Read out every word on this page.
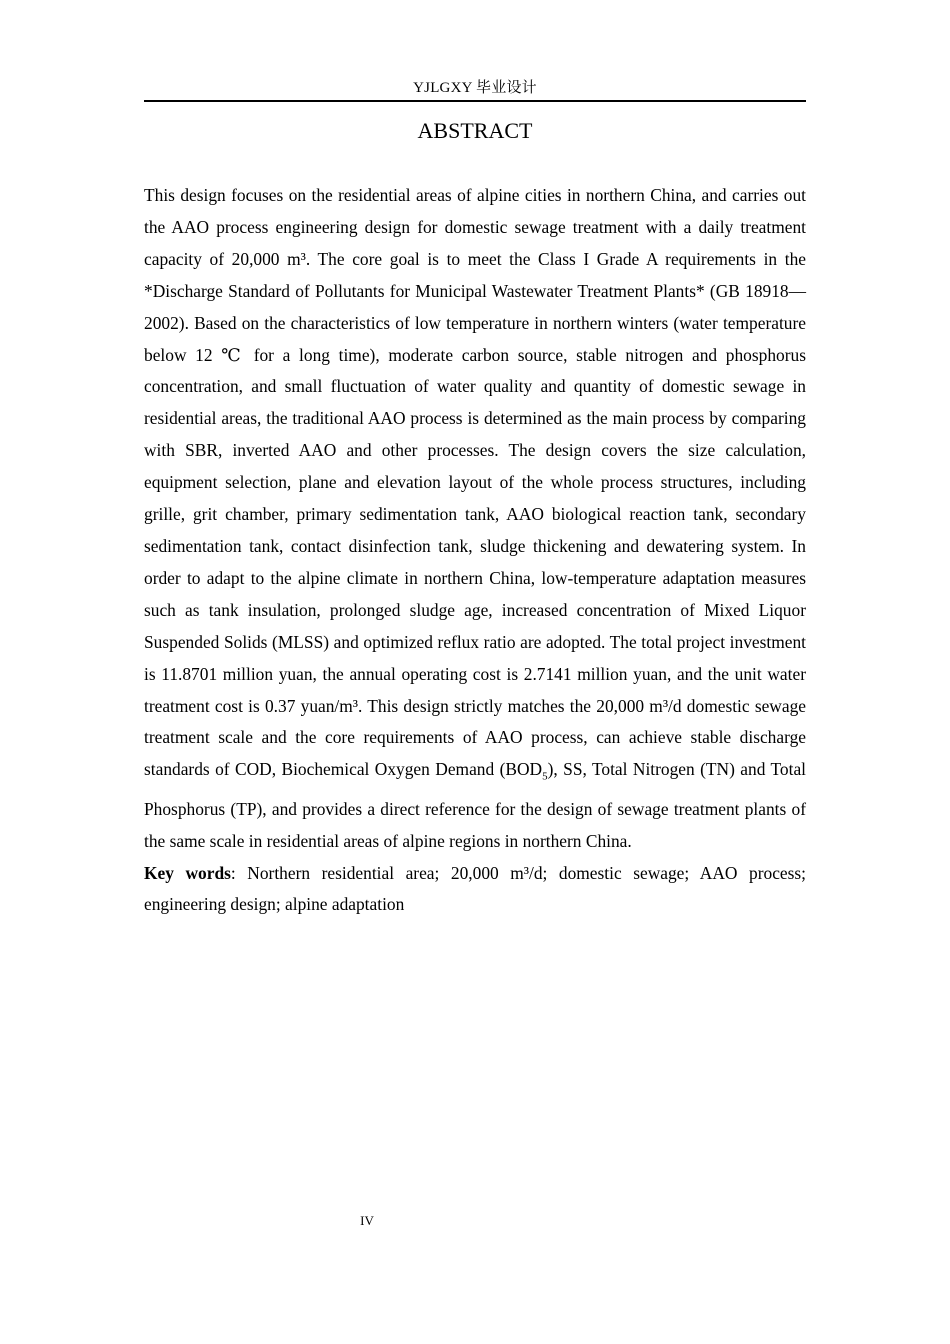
YJLGXY 毕业设计
ABSTRACT

This design focuses on the residential areas of alpine cities in northern China, and carries out the AAO process engineering design for domestic sewage treatment with a daily treatment capacity of 20,000 m³. The core goal is to meet the Class I Grade A requirements in the *Discharge Standard of Pollutants for Municipal Wastewater Treatment Plants* (GB 18918—2002). Based on the characteristics of low temperature in northern winters (water temperature below 12 ℃ for a long time), moderate carbon source, stable nitrogen and phosphorus concentration, and small fluctuation of water quality and quantity of domestic sewage in residential areas, the traditional AAO process is determined as the main process by comparing with SBR, inverted AAO and other processes. The design covers the size calculation, equipment selection, plane and elevation layout of the whole process structures, including grille, grit chamber, primary sedimentation tank, AAO biological reaction tank, secondary sedimentation tank, contact disinfection tank, sludge thickening and dewatering system. In order to adapt to the alpine climate in northern China, low-temperature adaptation measures such as tank insulation, prolonged sludge age, increased concentration of Mixed Liquor Suspended Solids (MLSS) and optimized reflux ratio are adopted. The total project investment is 11.8701 million yuan, the annual operating cost is 2.7141 million yuan, and the unit water treatment cost is 0.37 yuan/m³. This design strictly matches the 20,000 m³/d domestic sewage treatment scale and the core requirements of AAO process, can achieve stable discharge standards of COD, Biochemical Oxygen Demand $(BOD_5)$, SS, Total Nitrogen (TN) and Total Phosphorus (TP), and provides a direct reference for the design of sewage treatment plants of the same scale in residential areas of alpine regions in northern China.

Key words: Northern residential area; 20,000 m³/d; domestic sewage; AAO process; engineering design; alpine adaptation

IV
